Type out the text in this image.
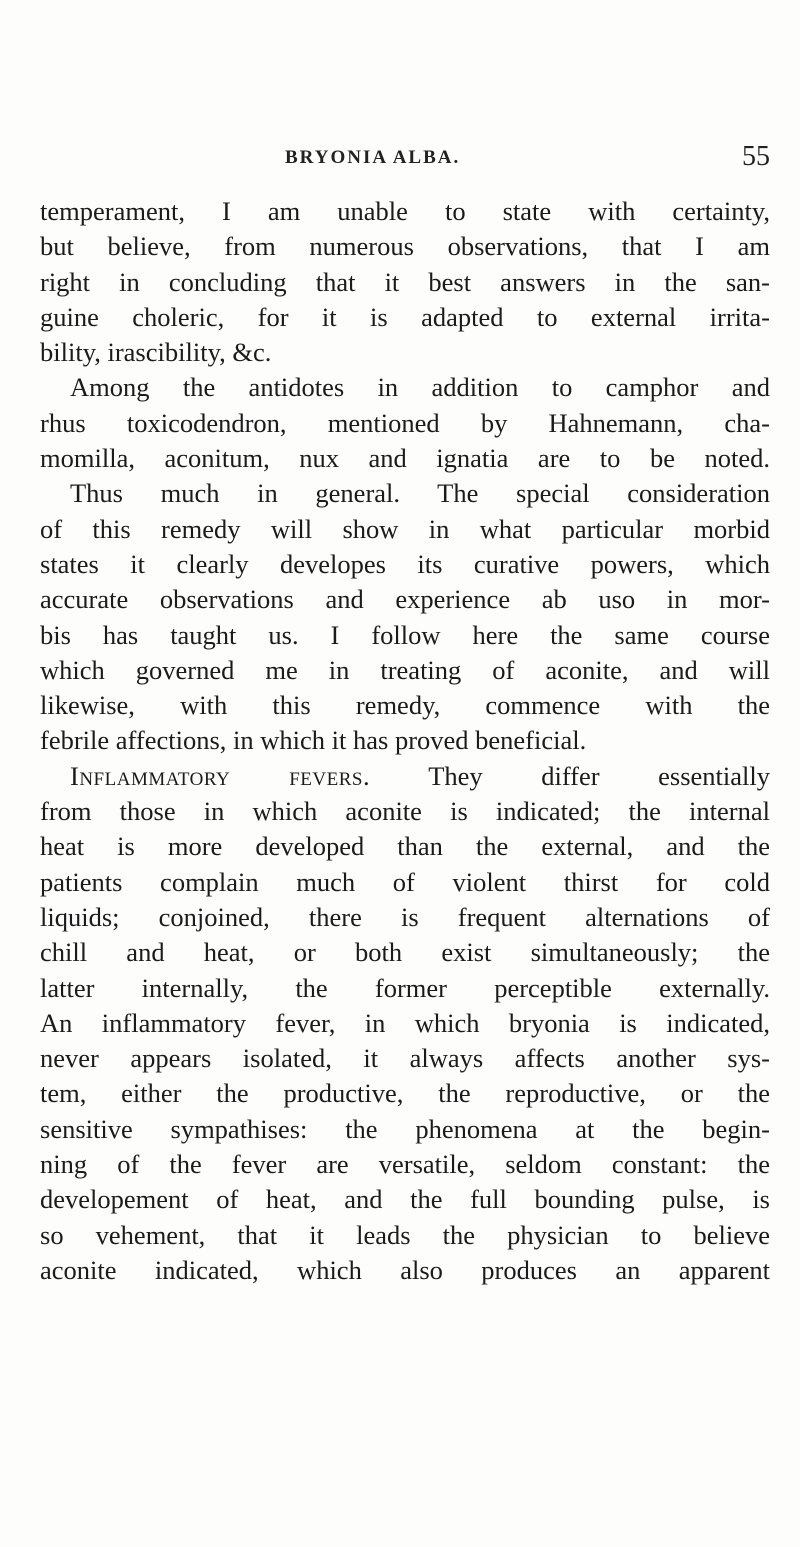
BRYONIA ALBA.	55
temperament, I am unable to state with certainty,
but believe, from numerous observations, that I am
right in concluding that it best answers in the san-
guine choleric, for it is adapted to external irrita-
bility, irascibility, &c.
Among the antidotes in addition to camphor and
rhus toxicodendron, mentioned by Hahnemann, cha-
momilla, aconitum, nux and ignatia are to be noted.
Thus much in general. The special consideration
of this remedy will show in what particular morbid
states it clearly developes its curative powers, which
accurate observations and experience ab uso in mor-
bis has taught us. I follow here the same course
which governed me in treating of aconite, and will
likewise, with this remedy, commence with the
febrile affections, in which it has proved beneficial.
Inflammatory fevers. They differ essentially
from those in which aconite is indicated; the internal
heat is more developed than the external, and the
patients complain much of violent thirst for cold
liquids; conjoined, there is frequent alternations of
chill and heat, or both exist simultaneously; the
latter internally, the former perceptible externally.
An inflammatory fever, in which bryonia is indicated,
never appears isolated, it always affects another sys-
tem, either the productive, the reproductive, or the
sensitive sympathises: the phenomena at the begin-
ning of the fever are versatile, seldom constant: the
developement of heat, and the full bounding pulse, is
so vehement, that it leads the physician to believe
aconite indicated, which also produces an apparent
